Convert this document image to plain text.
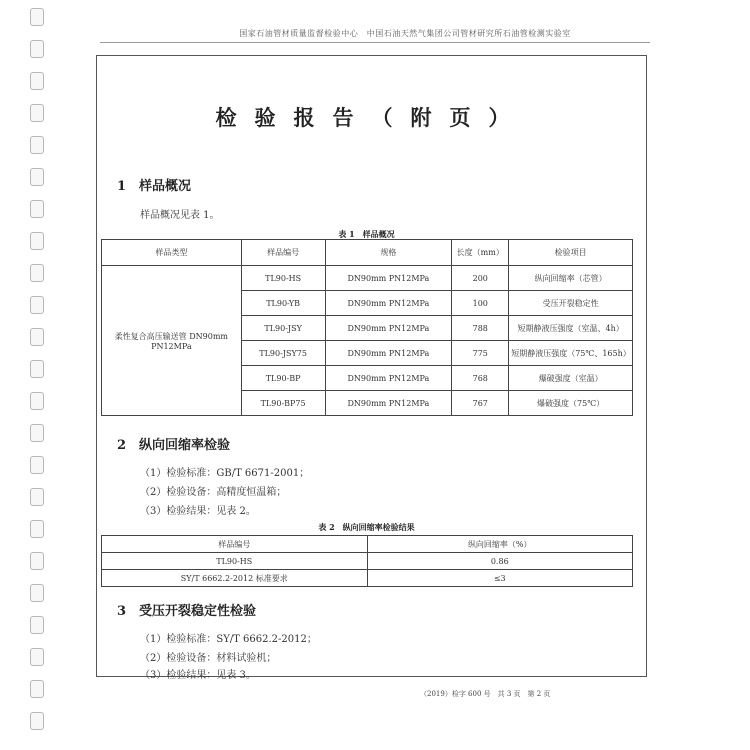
国家石油管材质量监督检验中心　中国石油天然气集团公司管材研究所石油管检测实验室
检验报告（附页）
1 样品概况
样品概况见表 1。
表 1　样品概况
样品类型	样品编号	规格	长度（mm）	检验项目
柔性复合高压输送管 DN90mm PN12MPa	TL90-HS	DN90mm PN12MPa	200	纵向回缩率（芯管）
	TL90-YB	DN90mm PN12MPa	100	受压开裂稳定性
	TL90-JSY	DN90mm PN12MPa	788	短期静液压强度（室温、4h）
	TL90-JSY75	DN90mm PN12MPa	775	短期静液压强度（75℃、165h）
	TL90-BP	DN90mm PN12MPa	768	爆破强度（室温）
	TL90-BP75	DN90mm PN12MPa	767	爆破强度（75℃）
2 纵向回缩率检验
（1）检验标准：GB/T 6671-2001；
（2）检验设备：高精度恒温箱；
（3）检验结果：见表 2。
表 2　纵向回缩率检验结果
样品编号	纵向回缩率（%）
TL90-HS	0.86
SY/T 6662.2-2012 标准要求	≤3
3 受压开裂稳定性检验
（1）检验标准：SY/T 6662.2-2012；
（2）检验设备：材料试验机；
（3）检验结果：见表 3。
（2019）检字 600 号　共 3 页　第 2 页
